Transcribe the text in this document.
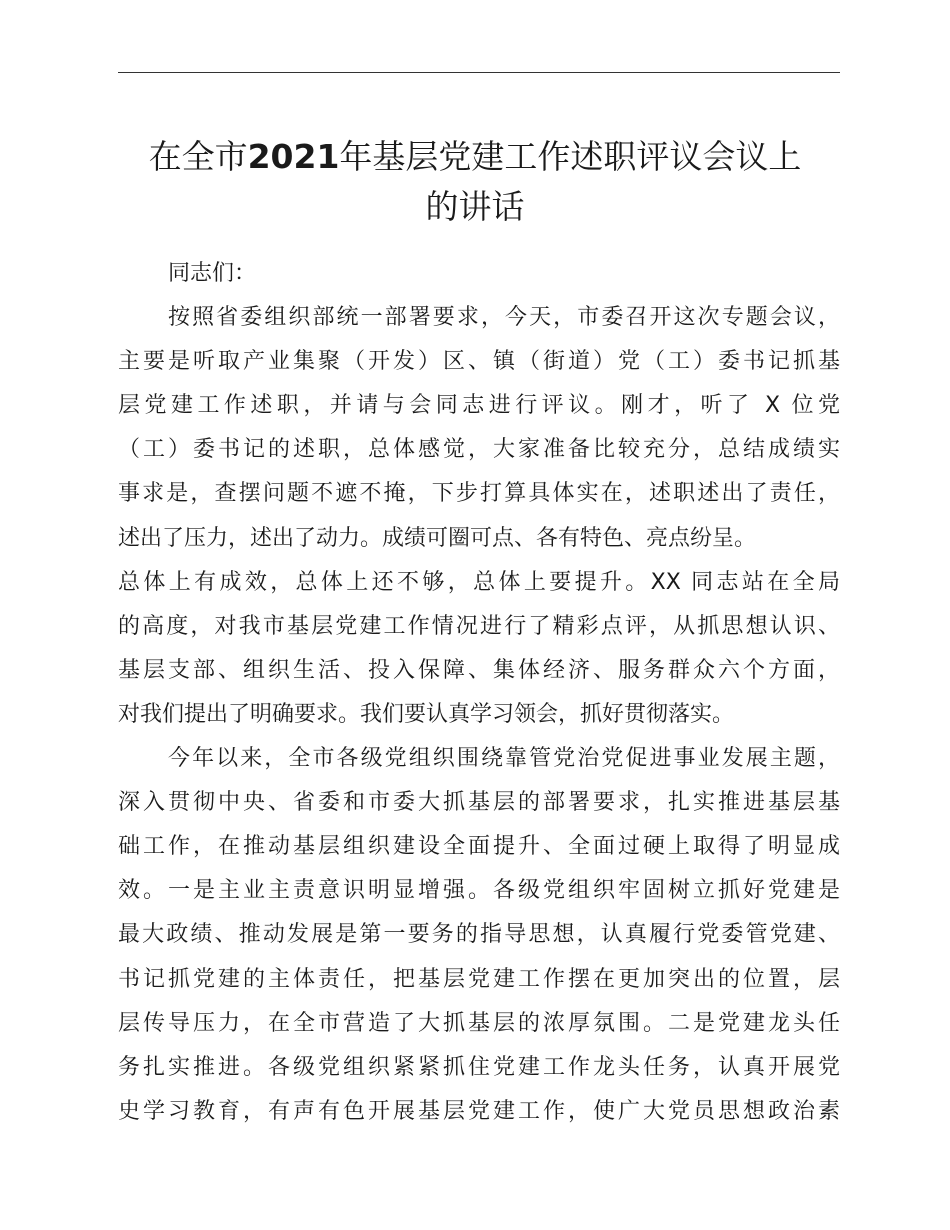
在全市2021年基层党建工作述职评议会议上
的讲话
同志们：
按照省委组织部统一部署要求，今天，市委召开这次专题会议，
主要是听取产业集聚（开发）区、镇（街道）党（工）委书记抓基
层党建工作述职，并请与会同志进行评议。刚才，听了 X 位党
（工）委书记的述职，总体感觉，大家准备比较充分，总结成绩实
事求是，查摆问题不遮不掩，下步打算具体实在，述职述出了责任，
述出了压力，述出了动力。成绩可圈可点、各有特色、亮点纷呈。
总体上有成效，总体上还不够，总体上要提升。XX 同志站在全局
的高度，对我市基层党建工作情况进行了精彩点评，从抓思想认识、
基层支部、组织生活、投入保障、集体经济、服务群众六个方面，
对我们提出了明确要求。我们要认真学习领会，抓好贯彻落实。
今年以来，全市各级党组织围绕靠管党治党促进事业发展主题，
深入贯彻中央、省委和市委大抓基层的部署要求，扎实推进基层基
础工作，在推动基层组织建设全面提升、全面过硬上取得了明显成
效。一是主业主责意识明显增强。各级党组织牢固树立抓好党建是
最大政绩、推动发展是第一要务的指导思想，认真履行党委管党建、
书记抓党建的主体责任，把基层党建工作摆在更加突出的位置，层
层传导压力，在全市营造了大抓基层的浓厚氛围。二是党建龙头任
务扎实推进。各级党组织紧紧抓住党建工作龙头任务，认真开展党
史学习教育，有声有色开展基层党建工作，使广大党员思想政治素
